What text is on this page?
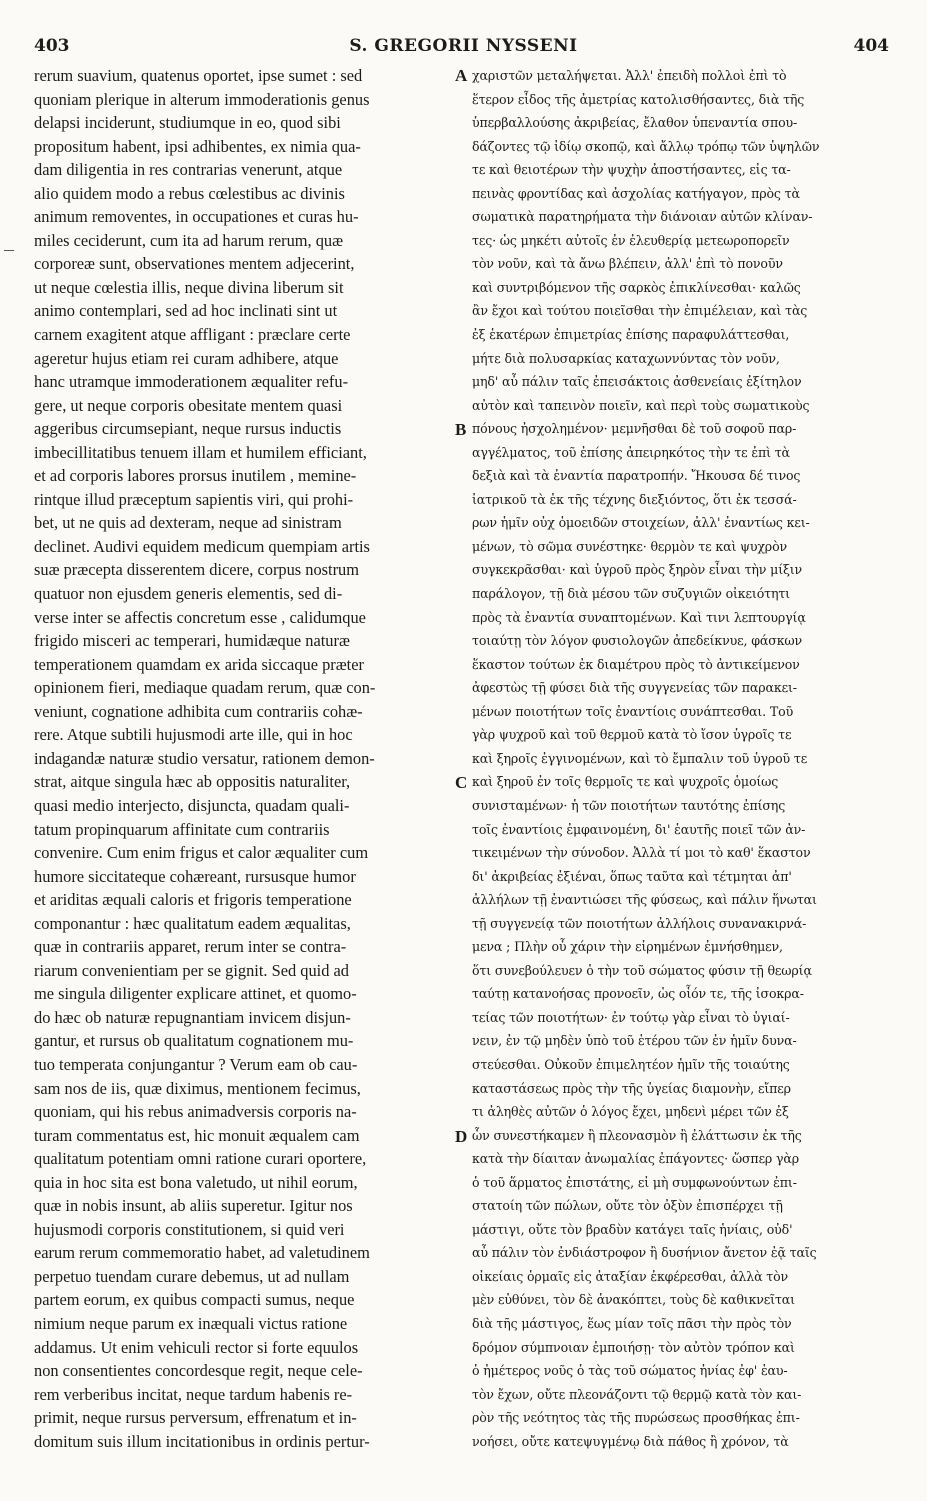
403	S. GREGORII NYSSENI	404
rerum suavium, quatenus oportet, ipse sumet : sed
quoniam plerique in alterum immoderationis genus
delapsi inciderunt, studiumque in eo, quod sibi
propositum habent, ipsi adhibentes, ex nimia qua-
dam diligentia in res contrarias venerunt, atque
alio quidem modo a rebus cœlestibus ac divinis
animum removentes, in occupationes et curas hu-
miles ceciderunt, cum ita ad harum rerum, quæ
corporeæ sunt, observationes mentem adjecerint,
ut neque cœlestia illis, neque divina liberum sit
animo contemplari, sed ad hoc inclinati sint ut
carnem exagitent atque affligant : præclare certe
ageretur hujus etiam rei curam adhibere, atque
hanc utramque immoderationem æqualiter refu-
gere, ut neque corporis obesitate mentem quasi
aggeribus circumsepiant, neque rursus inductis
imbecillitatibus tenuem illam et humilem efficiant,
et ad corporis labores prorsus inutilem , memine-
rintque illud præceptum sapientis viri, qui prohi-
bet, ut ne quis ad dexteram, neque ad sinistram
declinet. Audivi equidem medicum quempiam artis
suæ præcepta disserentem dicere, corpus nostrum
quatuor non ejusdem generis elementis, sed di-
verse inter se affectis concretum esse , calidumque
frigido misceri ac temperari, humidæque naturæ
temperationem quamdam ex arida siccaque præter
opinionem fieri, mediaque quadam rerum, quæ con-
veniunt, cognatione adhibita cum contrariis cohæ-
rere. Atque subtili hujusmodi arte ille, qui in hoc
indagandæ naturæ studio versatur, rationem demon-
strat, aitque singula hæc ab oppositis naturaliter,
quasi medio interjecto, disjuncta, quadam quali-
tatum propinquarum affinitate cum contrariis
convenire. Cum enim frigus et calor æqualiter cum
humore siccitateque cohæreant, rursusque humor
et ariditas æquali caloris et frigoris temperatione
componantur : hæc qualitatum eadem æqualitas,
quæ in contrariis apparet, rerum inter se contra-
riarum convenientiam per se gignit. Sed quid ad
me singula diligenter explicare attinet, et quomo-
do hæc ob naturæ repugnantiam invicem disjun-
gantur, et rursus ob qualitatum cognationem mu-
tuo temperata conjungantur ? Verum eam ob cau-
sam nos de iis, quæ diximus, mentionem fecimus,
quoniam, qui his rebus animadversis corporis na-
turam commentatus est, hic monuit æqualem cam
qualitatum potentiam omni ratione curari oportere,
quia in hoc sita est bona valetudo, ut nihil eorum,
quæ in nobis insunt, ab aliis superetur. Igitur nos
hujusmodi corporis constitutionem, si quid veri
earum rerum commemoratio habet, ad valetudinem
perpetuo tuendam curare debemus, ut ad nullam
partem eorum, ex quibus compacti sumus, neque
nimium neque parum ex inæquali victus ratione
addamus. Ut enim vehiculi rector si forte equulos
non consentientes concordesque regit, neque cele-
rem verberibus incitat, neque tardum habenis re-
primit, neque rursus perversum, effrenatum et in-
domitum suis illum incitationibus in ordinis pertur-
χαριστῶν μεταλήψεται. Ἀλλ' ἐπειδὴ πολλοὶ ἐπὶ τὸ
ἕτερον εἶδος τῆς ἀμετρίας κατολισθήσαντες, διὰ τῆς
ὑπερβαλλούσης ἀκριβείας, ἔλαθον ὑπεναντία σπου-
δάζοντες τῷ ἰδίῳ σκοπῷ, καὶ ἄλλῳ τρόπῳ τῶν ὑψηλῶν
τε καὶ θειοτέρων τὴν ψυχὴν ἀποστήσαντες, εἰς τα-
πεινὰς φροντίδας καὶ ἀσχολίας κατήγαγον, πρὸς τὰ
σωματικὰ παρατηρήματα τὴν διάνοιαν αὐτῶν κλίναν-
τες· ὡς μηκέτι αὐτοῖς ἐν ἐλευθερίᾳ μετεωροπορεῖν
τὸν νοῦν, καὶ τὰ ἄνω βλέπειν, ἀλλ' ἐπὶ τὸ πονοῦν
καὶ συντριβόμενον τῆς σαρκὸς ἐπικλίνεσθαι· καλῶς
ἂν ἔχοι καὶ τούτου ποιεῖσθαι τὴν ἐπιμέλειαν, καὶ τὰς
ἐξ ἑκατέρων ἐπιμετρίας ἐπίσης παραφυλάττεσθαι,
μήτε διὰ πολυσαρκίας καταχωννύντας τὸν νοῦν,
μηδ' αὖ πάλιν ταῖς ἐπεισάκτοις ἀσθενείαις ἐξίτηλον
αὐτὸν καὶ ταπεινὸν ποιεῖν, καὶ περὶ τοὺς σωματικοὺς
πόνους ἠσχολημένον· μεμνῆσθαι δὲ τοῦ σοφοῦ παρ-
αγγέλματος, τοῦ ἐπίσης ἀπειρηκότος τὴν τε ἐπὶ τὰ
δεξιὰ καὶ τὰ ἐναντία παρατροπήν. Ἤκουσα δέ τινος
ἰατρικοῦ τὰ ἐκ τῆς τέχνης διεξιόντος, ὅτι ἐκ τεσσά-
ρων ἡμῖν οὐχ ὁμοειδῶν στοιχείων, ἀλλ' ἐναντίως κει-
μένων, τὸ σῶμα συνέστηκε· θερμὸν τε καὶ ψυχρὸν
συγκεκρᾶσθαι· καὶ ὑγροῦ πρὸς ξηρὸν εἶναι τὴν μίξιν
παράλογον, τῇ διὰ μέσου τῶν συζυγιῶν οἰκειότητι
πρὸς τὰ ἐναντία συναπτομένων. Καὶ τινι λεπτουργίᾳ
τοιαύτῃ τὸν λόγον φυσιολογῶν ἀπεδείκνυε, φάσκων
ἕκαστον τούτων ἐκ διαμέτρου πρὸς τὸ ἀντικείμενον
ἀφεστὼς τῇ φύσει διὰ τῆς συγγενείας τῶν παρακει-
μένων ποιοτήτων τοῖς ἐναντίοις συνάπτεσθαι. Τοῦ
γὰρ ψυχροῦ καὶ τοῦ θερμοῦ κατὰ τὸ ἴσον ὑγροῖς τε
καὶ ξηροῖς ἐγγινομένων, καὶ τὸ ἔμπαλιν τοῦ ὑγροῦ τε
καὶ ξηροῦ ἐν τοῖς θερμοῖς τε καὶ ψυχροῖς ὁμοίως
συνισταμένων· ἡ τῶν ποιοτήτων ταυτότης ἐπίσης
τοῖς ἐναντίοις ἐμφαινομένη, δι' ἑαυτῆς ποιεῖ τῶν ἀν-
τικειμένων τὴν σύνοδον. Ἀλλὰ τί μοι τὸ καθ' ἕκαστον
δι' ἀκριβείας ἐξιέναι, ὅπως ταῦτα καὶ τέτμηται ἀπ'
ἀλλήλων τῇ ἐναντιώσει τῆς φύσεως, καὶ πάλιν ἥνωται
τῇ συγγενείᾳ τῶν ποιοτήτων ἀλλήλοις συνανακιρνά-
μενα ; Πλὴν οὖ χάριν τὴν εἰρημένων ἐμνήσθημεν,
ὅτι συνεβούλευεν ὁ τὴν τοῦ σώματος φύσιν τῇ θεωρίᾳ
ταύτῃ κατανοήσας προνοεῖν, ὡς οἷόν τε, τῆς ἰσοκρα-
τείας τῶν ποιοτήτων· ἐν τούτῳ γὰρ εἶναι τὸ ὑγιαί-
νειν, ἐν τῷ μηδὲν ὑπὸ τοῦ ἑτέρου τῶν ἐν ἡμῖν δυνα-
στεύεσθαι. Οὐκοῦν ἐπιμελητέον ἡμῖν τῆς τοιαύτης
καταστάσεως πρὸς τὴν τῆς ὑγείας διαμονὴν, εἴπερ
τι ἀληθὲς αὐτῶν ὁ λόγος ἔχει, μηδενὶ μέρει τῶν ἐξ
ὧν συνεστήκαμεν ἢ πλεονασμὸν ἢ ἐλάττωσιν ἐκ τῆς
κατὰ τὴν δίαιταν ἀνωμαλίας ἐπάγοντες· ὥσπερ γὰρ
ὁ τοῦ ἅρματος ἐπιστάτης, εἰ μὴ συμφωνούντων ἐπι-
στατοίη τῶν πώλων, οὔτε τὸν ὀξὺν ἐπισπέρχει τῇ
μάστιγι, οὔτε τὸν βραδὺν κατάγει ταῖς ἡνίαις, οὐδ'
αὖ πάλιν τὸν ἐνδιάστροφον ἢ δυσήνιον ἄνετον ἐᾷ ταῖς
οἰκείαις ὁρμαῖς εἰς ἀταξίαν ἐκφέρεσθαι, ἀλλὰ τὸν
μὲν εὐθύνει, τὸν δὲ ἀνακόπτει, τοὺς δὲ καθικνεῖται
διὰ τῆς μάστιγος, ἕως μίαν τοῖς πᾶσι τὴν πρὸς τὸν
δρόμον σύμπνοιαν ἐμποιήσῃ· τὸν αὐτὸν τρόπον καὶ
ὁ ἡμέτερος νοῦς ὁ τὰς τοῦ σώματος ἡνίας ἐφ' ἑαυ-
τὸν ἔχων, οὔτε πλεονάζοντι τῷ θερμῷ κατὰ τὸν και-
ρὸν τῆς νεότητος τὰς τῆς πυρώσεως προσθήκας ἐπι-
νοήσει, οὔτε κατεψυγμένῳ διὰ πάθος ἢ χρόνον, τὰ
A
B
C
D
